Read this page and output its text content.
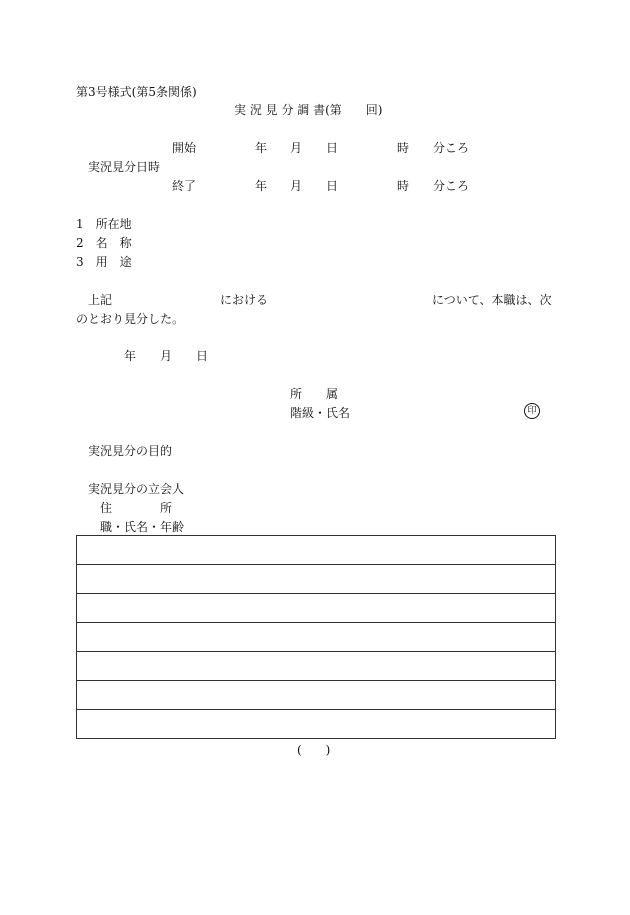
第3号様式(第5条関係)
実 況 見 分 調 書(第　　回)
実況見分日時
開始	年 月 日	時 分ころ
終了	年 月 日	時 分ころ
1　所在地
2　名　称
3　用　途
上記	における	について、本職は、次
のとおり見分した。
年 月 日
所　　属
階級・氏名	印
実況見分の目的
実況見分の立会人
住　　　　所
職・氏名・年齢

(　　)
